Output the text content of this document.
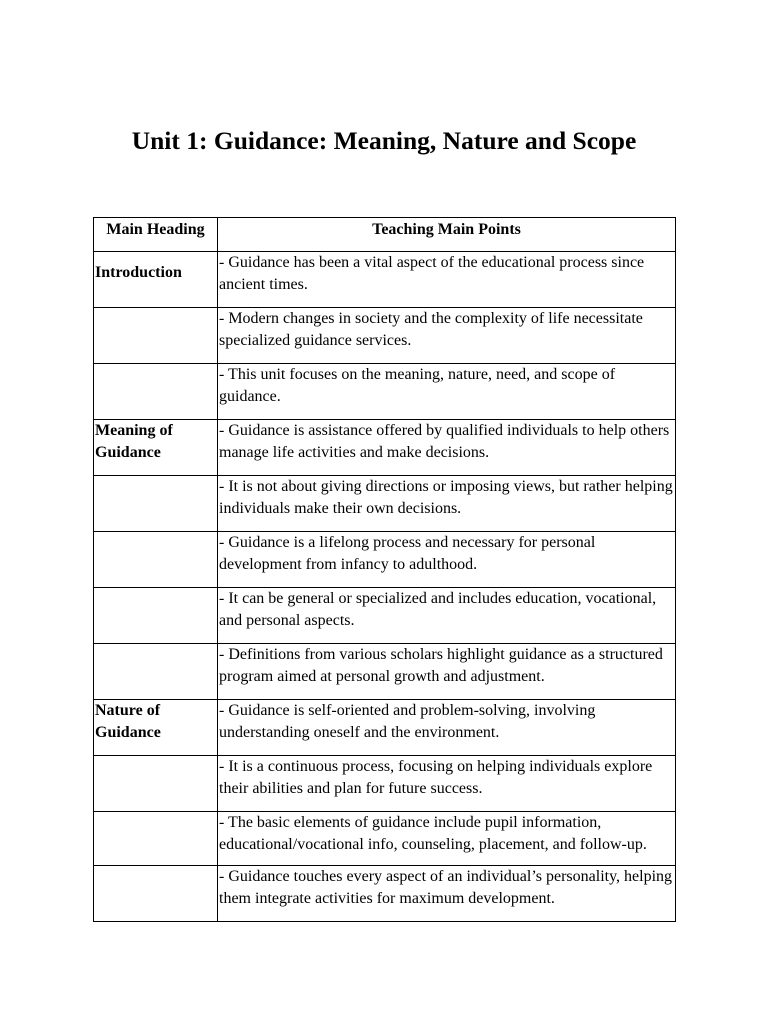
Unit 1: Guidance: Meaning, Nature and Scope
Main Heading	Teaching Main Points
Introduction	- Guidance has been a vital aspect of the educational process since ancient times.
	- Modern changes in society and the complexity of life necessitate specialized guidance services.
	- This unit focuses on the meaning, nature, need, and scope of guidance.
Meaning of Guidance	- Guidance is assistance offered by qualified individuals to help others manage life activities and make decisions.
	- It is not about giving directions or imposing views, but rather helping individuals make their own decisions.
	- Guidance is a lifelong process and necessary for personal development from infancy to adulthood.
	- It can be general or specialized and includes education, vocational, and personal aspects.
	- Definitions from various scholars highlight guidance as a structured program aimed at personal growth and adjustment.
Nature of Guidance	- Guidance is self-oriented and problem-solving, involving understanding oneself and the environment.
	- It is a continuous process, focusing on helping individuals explore their abilities and plan for future success.
	- The basic elements of guidance include pupil information, educational/vocational info, counseling, placement, and follow-up.
	- Guidance touches every aspect of an individual’s personality, helping them integrate activities for maximum development.
